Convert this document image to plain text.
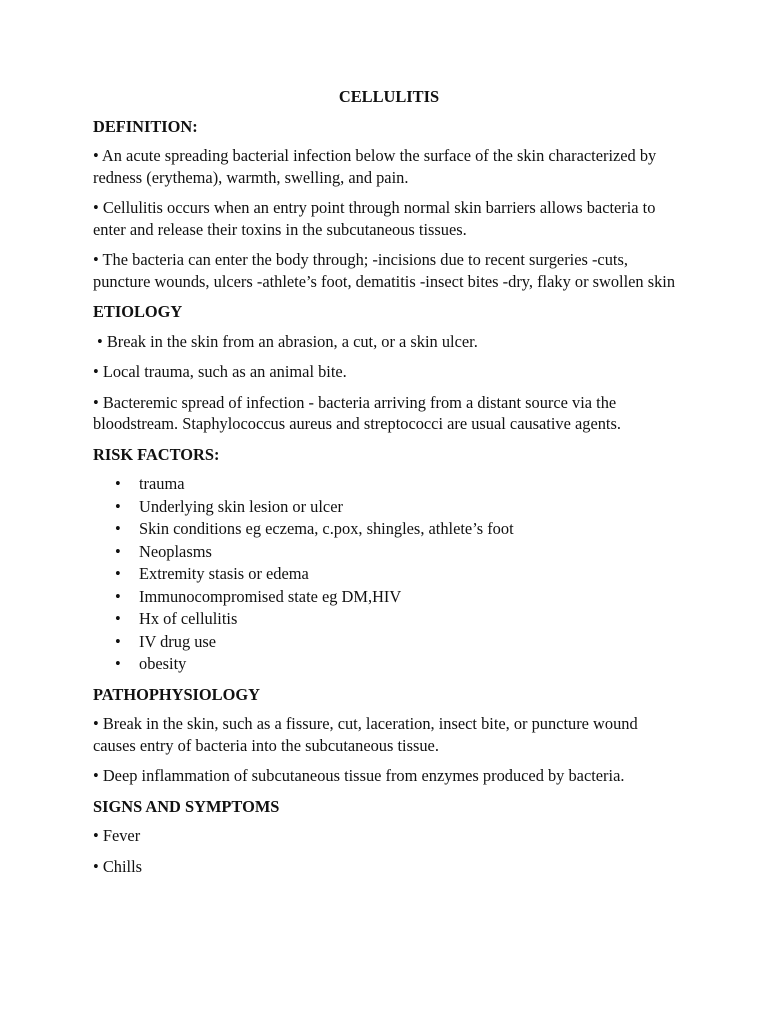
CELLULITIS
DEFINITION:

• An acute spreading bacterial infection below the surface of the skin characterized by redness (erythema), warmth, swelling, and pain.

• Cellulitis occurs when an entry point through normal skin barriers allows bacteria to enter and release their toxins in the subcutaneous tissues.

• The bacteria can enter the body through; -incisions due to recent surgeries -cuts, puncture wounds, ulcers -athlete’s foot, dematitis -insect bites -dry, flaky or swollen skin

ETIOLOGY

• Break in the skin from an abrasion, a cut, or a skin ulcer.

• Local trauma, such as an animal bite.

• Bacteremic spread of infection - bacteria arriving from a distant source via the bloodstream. Staphylococcus aureus and streptococci are usual causative agents.

RISK FACTORS:
• trauma
• Underlying skin lesion or ulcer
• Skin conditions eg eczema, c.pox, shingles, athlete’s foot
• Neoplasms
• Extremity stasis or edema
• Immunocompromised state eg DM,HIV
• Hx of cellulitis
• IV drug use
• obesity
PATHOPHYSIOLOGY

• Break in the skin, such as a fissure, cut, laceration, insect bite, or puncture wound causes entry of bacteria into the subcutaneous tissue.

• Deep inflammation of subcutaneous tissue from enzymes produced by bacteria.

SIGNS AND SYMPTOMS

• Fever

• Chills
